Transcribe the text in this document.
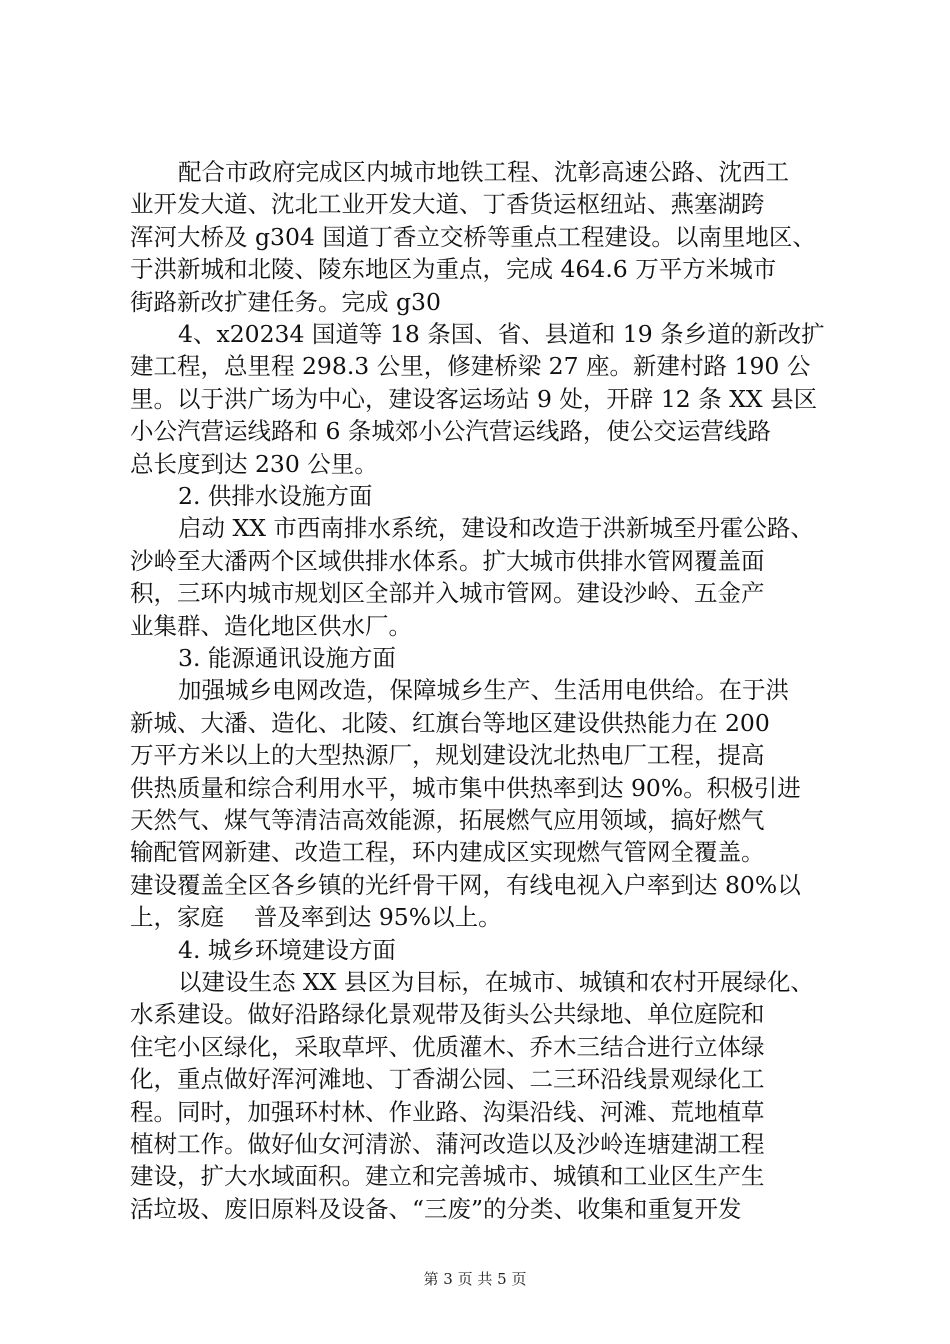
配合市政府完成区内城市地铁工程、沈彰高速公路、沈西工
业开发大道、沈北工业开发大道、丁香货运枢纽站、燕塞湖跨
浑河大桥及 g304 国道丁香立交桥等重点工程建设。以南里地区、
于洪新城和北陵、陵东地区为重点，完成 464.6 万平方米城市
街路新改扩建任务。完成 g30
4、x20234 国道等 18 条国、省、县道和 19 条乡道的新改扩
建工程，总里程 298.3 公里，修建桥梁 27 座。新建村路 190 公
里。以于洪广场为中心，建设客运场站 9 处，开辟 12 条 XX 县区
小公汽营运线路和 6 条城郊小公汽营运线路，使公交运营线路
总长度到达 230 公里。
2. 供排水设施方面
启动 XX 市西南排水系统，建设和改造于洪新城至丹霍公路、
沙岭至大潘两个区域供排水体系。扩大城市供排水管网覆盖面
积，三环内城市规划区全部并入城市管网。建设沙岭、五金产
业集群、造化地区供水厂。
3. 能源通讯设施方面
加强城乡电网改造，保障城乡生产、生活用电供给。在于洪
新城、大潘、造化、北陵、红旗台等地区建设供热能力在 200
万平方米以上的大型热源厂，规划建设沈北热电厂工程，提高
供热质量和综合利用水平，城市集中供热率到达 90%。积极引进
天然气、煤气等清洁高效能源，拓展燃气应用领域，搞好燃气
输配管网新建、改造工程，环内建成区实现燃气管网全覆盖。
建设覆盖全区各乡镇的光纤骨干网，有线电视入户率到达 80%以
上，家庭    普及率到达 95%以上。
4. 城乡环境建设方面
以建设生态 XX 县区为目标，在城市、城镇和农村开展绿化、
水系建设。做好沿路绿化景观带及街头公共绿地、单位庭院和
住宅小区绿化，采取草坪、优质灌木、乔木三结合进行立体绿
化，重点做好浑河滩地、丁香湖公园、二三环沿线景观绿化工
程。同时，加强环村林、作业路、沟渠沿线、河滩、荒地植草
植树工作。做好仙女河清淤、蒲河改造以及沙岭连塘建湖工程
建设，扩大水域面积。建立和完善城市、城镇和工业区生产生
活垃圾、废旧原料及设备、“三废”的分类、收集和重复开发
第 3 页 共 5 页
